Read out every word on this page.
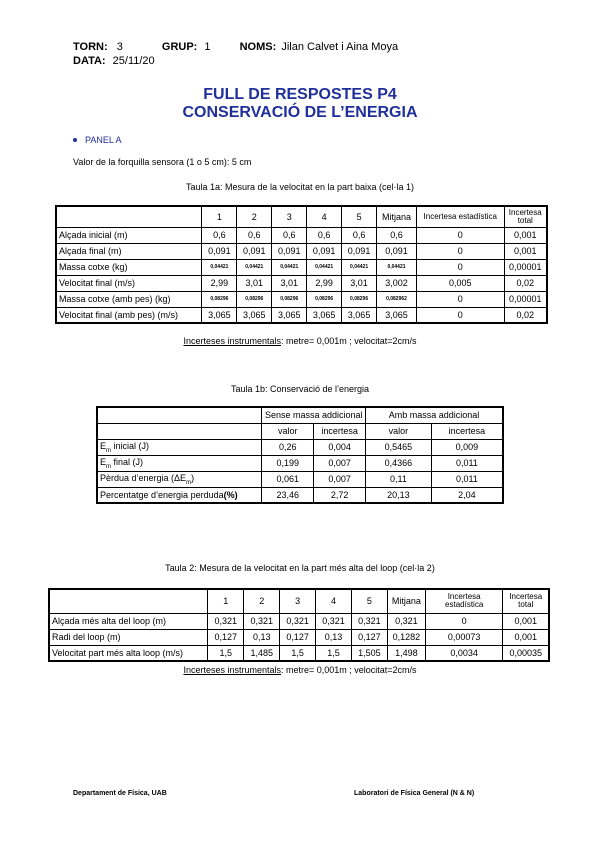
TORN: 3	GRUP: 1	NOMS: Jilan Calvet i Aina Moya
DATA: 25/11/20
FULL DE RESPOSTES P4
CONSERVACIÓ DE L’ENERGIA
PANEL A
Valor de la forquilla sensora (1 o 5 cm): 5 cm
Taula 1a: Mesura de la velocitat en la part baixa (cel·la 1)
	1	2	3	4	5	Mitjana	Incertesa estadística	Incertesa total
Alçada inicial (m)	0,6	0,6	0,6	0,6	0,6	0,6	0	0,001
Alçada final (m)	0,091	0,091	0,091	0,091	0,091	0,091	0	0,001
Massa cotxe (kg)	0,04421	0,04421	0,04421	0,04421	0,04421	0,04421	0	0,00001
Velocitat final (m/s)	2,99	3,01	3,01	2,99	3,01	3,002	0,005	0,02
Massa cotxe (amb pes) (kg)	0,08296	0,08296	0,08296	0,08296	0,08296	0,082962	0	0,00001
Velocitat final (amb pes) (m/s)	3,065	3,065	3,065	3,065	3,065	3,065	0	0,02
Incerteses instrumentals: metre= 0,001m ; velocitat=2cm/s
Taula 1b: Conservació de l’energia
	Sense massa addicional		Amb massa addicional	
	valor	incertesa	valor	incertesa
$E_m$ inicial (J)	0,26	0,004	0,5465	0,009
$E_m$ final (J)	0,199	0,007	0,4366	0,011
Pèrdua d’energia $(\Delta E_m)$	0,061	0,007	0,11	0,011
Percentatge d’energia perduda(%)	23,46	2,72	20,13	2,04
Taula 2: Mesura de la velocitat en la part més alta del loop (cel·la 2)
	1	2	3	4	5	Mitjana	Incertesa estadística	Incertesa total
Alçada més alta del loop (m)	0,321	0,321	0,321	0,321	0,321	0,321	0	0,001
Radi del loop (m)	0,127	0,13	0,127	0,13	0,127	0,1282	0,00073	0,001
Velocitat part més alta loop (m/s)	1,5	1,485	1,5	1,5	1,505	1,498	0,0034	0,00035
Incerteses instrumentals: metre= 0,001m ; velocitat=2cm/s
Departament de Física, UAB	Laboratori de Física General (N & N)
